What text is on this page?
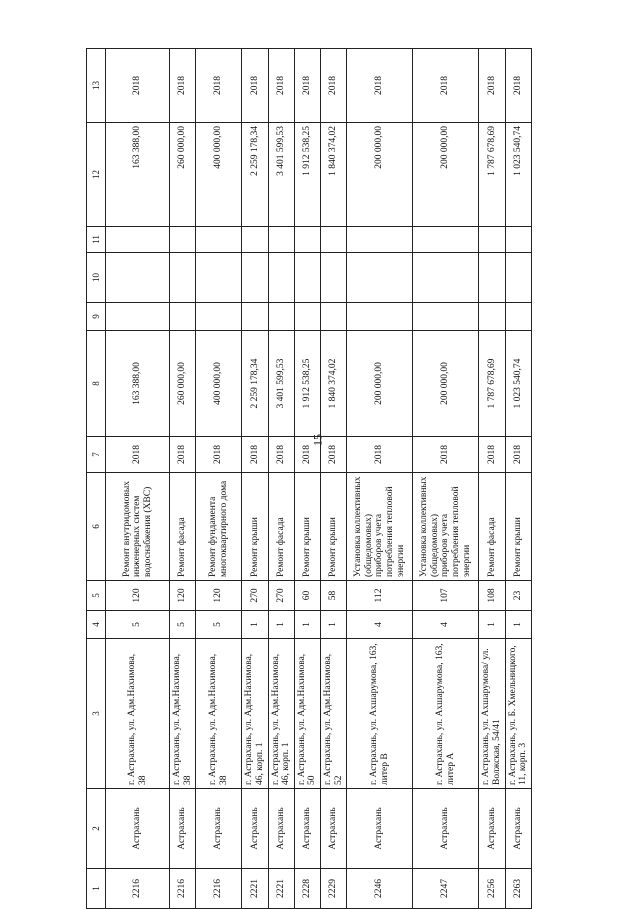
15
1	2	3	4	5	6	7	8	9	10	11	12	13
2216	Астрахань	г. Астрахань, ул. Адм.Нахимова, 38	5	120	Ремонт внутридомовых инженерных систем водоснабжения (ХВС)	2018	163 388,00				163 388,00	2018
2216	Астрахань	г. Астрахань, ул. Адм.Нахимова, 38	5	120	Ремонт фасада	2018	260 000,00				260 000,00	2018
2216	Астрахань	г. Астрахань, ул. Адм.Нахимова, 38	5	120	Ремонт фундамента многоквартирного дома	2018	400 000,00				400 000,00	2018
2221	Астрахань	г. Астрахань, ул. Адм.Нахимова, 46, корп. 1	1	270	Ремонт крыши	2018	2 259 178,34				2 259 178,34	2018
2221	Астрахань	г. Астрахань, ул. Адм.Нахимова, 46, корп. 1	1	270	Ремонт фасада	2018	3 401 599,53				3 401 599,53	2018
2228	Астрахань	г. Астрахань, ул. Адм.Нахимова, 50	1	60	Ремонт крыши	2018	1 912 538,25				1 912 538,25	2018
2229	Астрахань	г. Астрахань, ул. Адм.Нахимова, 52	1	58	Ремонт крыши	2018	1 840 374,02				1 840 374,02	2018
2246	Астрахань	г. Астрахань, ул. Ахшарумова, 163, литер В	4	112	Установка коллективных (общедомовых) приборов учета потребления тепловой энергии	2018	200 000,00				200 000,00	2018
2247	Астрахань	г. Астрахань, ул. Ахшарумова, 163, литер А	4	107	Установка коллективных (общедомовых) приборов учета потребления тепловой энергии	2018	200 000,00				200 000,00	2018
2256	Астрахань	г. Астрахань, ул. Ахшарумова/ ул. Волжская, 54/41	1	108	Ремонт фасада	2018	1 787 678,69				1 787 678,69	2018
2263	Астрахань	г. Астрахань, ул. Б. Хмельницкого, 11, корп. 3	1	23	Ремонт крыши	2018	1 023 540,74				1 023 540,74	2018
